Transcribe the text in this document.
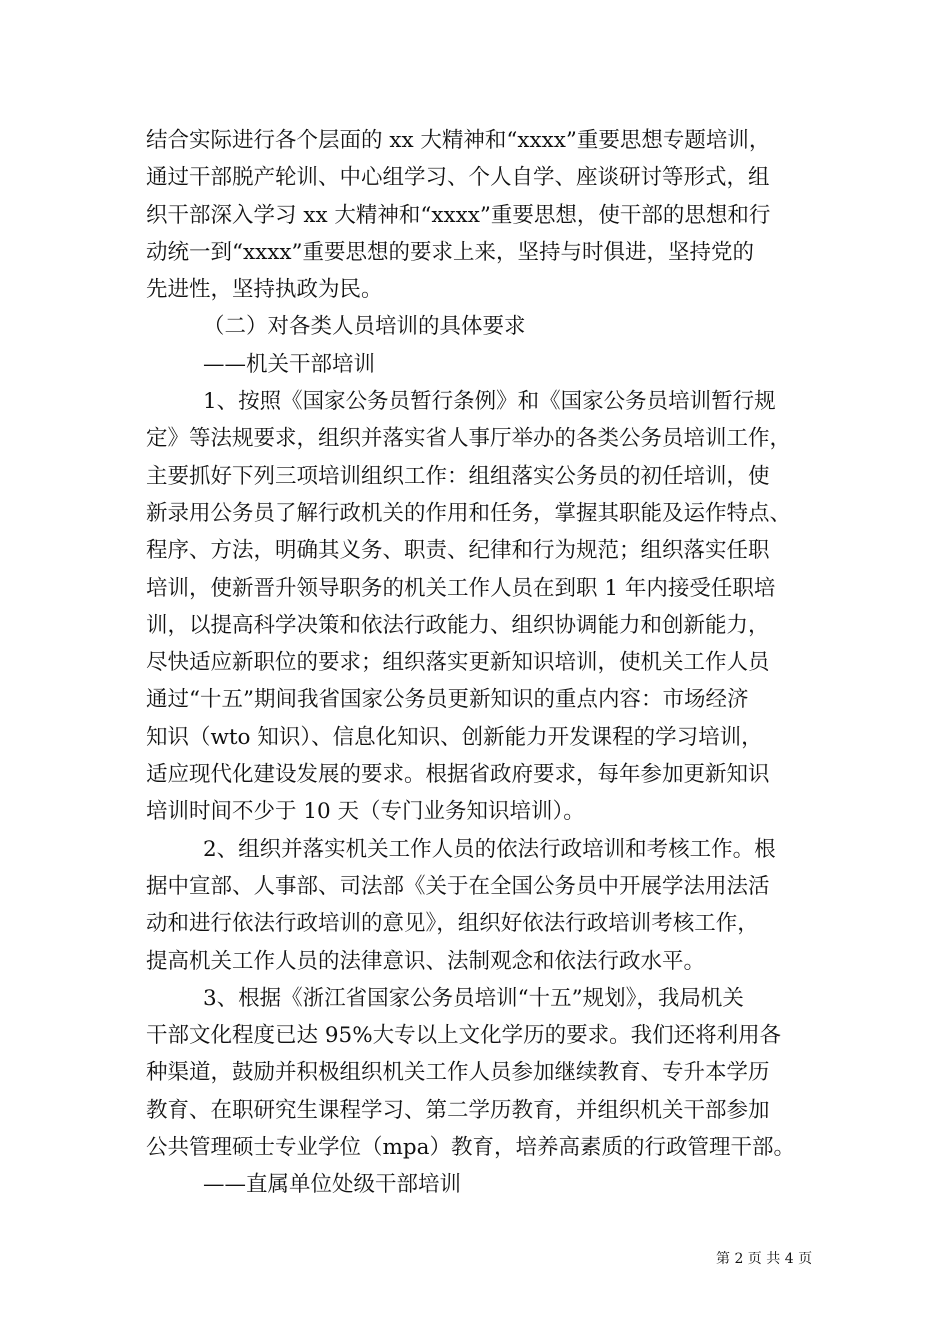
结合实际进行各个层面的 xx 大精神和“xxxx”重要思想专题培训，
通过干部脱产轮训、中心组学习、个人自学、座谈研讨等形式，组
织干部深入学习 xx 大精神和“xxxx”重要思想，使干部的思想和行
动统一到“xxxx”重要思想的要求上来，坚持与时俱进，坚持党的
先进性，坚持执政为民。
（二）对各类人员培训的具体要求
——机关干部培训
1、按照《国家公务员暂行条例》和《国家公务员培训暂行规
定》等法规要求，组织并落实省人事厅举办的各类公务员培训工作，
主要抓好下列三项培训组织工作：组组落实公务员的初任培训，使
新录用公务员了解行政机关的作用和任务，掌握其职能及运作特点、
程序、方法，明确其义务、职责、纪律和行为规范；组织落实任职
培训，使新晋升领导职务的机关工作人员在到职 1 年内接受任职培
训，以提高科学决策和依法行政能力、组织协调能力和创新能力，
尽快适应新职位的要求；组织落实更新知识培训，使机关工作人员
通过“十五”期间我省国家公务员更新知识的重点内容：市场经济
知识（wto 知识）、信息化知识、创新能力开发课程的学习培训，
适应现代化建设发展的要求。根据省政府要求，每年参加更新知识
培训时间不少于 10 天（专门业务知识培训）。
2、组织并落实机关工作人员的依法行政培训和考核工作。根
据中宣部、人事部、司法部《关于在全国公务员中开展学法用法活
动和进行依法行政培训的意见》，组织好依法行政培训考核工作，
提高机关工作人员的法律意识、法制观念和依法行政水平。
3、根据《浙江省国家公务员培训“十五”规划》，我局机关
干部文化程度已达 95%大专以上文化学历的要求。我们还将利用各
种渠道，鼓励并积极组织机关工作人员参加继续教育、专升本学历
教育、在职研究生课程学习、第二学历教育，并组织机关干部参加
公共管理硕士专业学位（mpa）教育，培养高素质的行政管理干部。
——直属单位处级干部培训
第 2 页 共 4 页
